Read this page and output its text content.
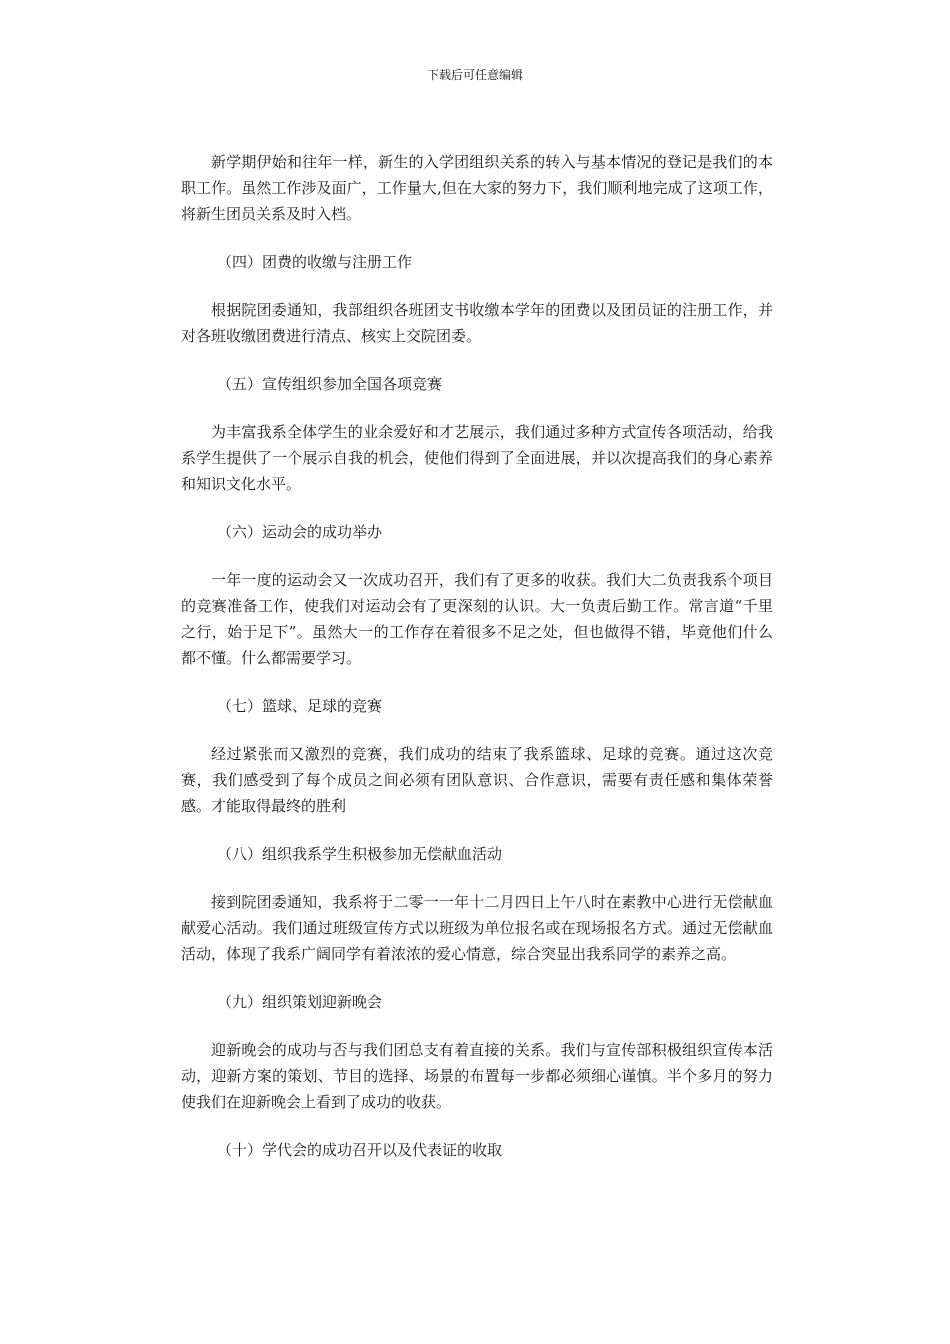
下载后可任意编辑

新学期伊始和往年一样，新生的入学团组织关系的转入与基本情况的登记是我们的本职工作。虽然工作涉及面广，工作量大,但在大家的努力下，我们顺利地完成了这项工作，将新生团员关系及时入档。

（四）团费的收缴与注册工作

根据院团委通知，我部组织各班团支书收缴本学年的团费以及团员证的注册工作，并对各班收缴团费进行清点、核实上交院团委。

（五）宣传组织参加全国各项竞赛

为丰富我系全体学生的业余爱好和才艺展示，我们通过多种方式宣传各项活动，给我系学生提供了一个展示自我的机会，使他们得到了全面进展，并以次提高我们的身心素养和知识文化水平。

（六）运动会的成功举办

一年一度的运动会又一次成功召开，我们有了更多的收获。我们大二负责我系个项目的竞赛准备工作，使我们对运动会有了更深刻的认识。大一负责后勤工作。常言道“千里之行，始于足下”。虽然大一的工作存在着很多不足之处，但也做得不错，毕竟他们什么都不懂。什么都需要学习。

（七）篮球、足球的竞赛

经过紧张而又激烈的竞赛，我们成功的结束了我系篮球、足球的竞赛。通过这次竞赛，我们感受到了每个成员之间必须有团队意识、合作意识，需要有责任感和集体荣誉感。才能取得最终的胜利

（八）组织我系学生积极参加无偿献血活动

接到院团委通知，我系将于二零一一年十二月四日上午八时在素教中心进行无偿献血献爱心活动。我们通过班级宣传方式以班级为单位报名或在现场报名方式。通过无偿献血活动，体现了我系广阔同学有着浓浓的爱心情意，综合突显出我系同学的素养之高。

（九）组织策划迎新晚会

迎新晚会的成功与否与我们团总支有着直接的关系。我们与宣传部积极组织宣传本活动，迎新方案的策划、节目的选择、场景的布置每一步都必须细心谨慎。半个多月的努力使我们在迎新晚会上看到了成功的收获。

（十）学代会的成功召开以及代表证的收取
